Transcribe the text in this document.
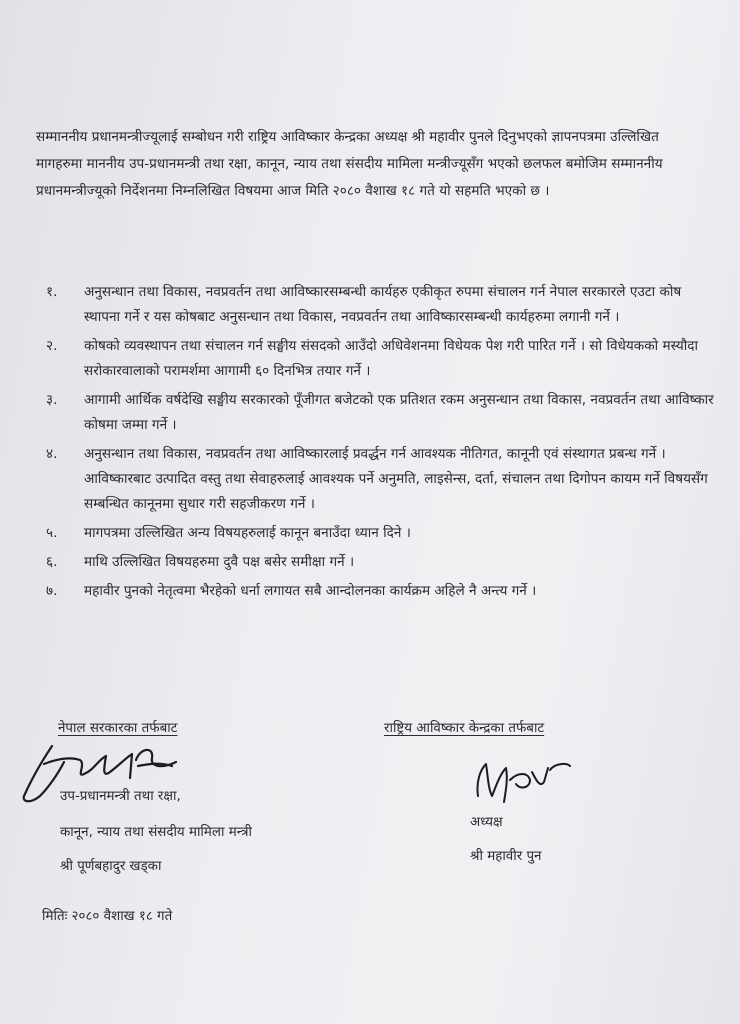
सम्माननीय प्रधानमन्त्रीज्यूलाई सम्बोधन गरी राष्ट्रिय आविष्कार केन्द्रका अध्यक्ष श्री महावीर पुनले दिनुभएको ज्ञापनपत्रमा उल्लिखित मागहरुमा माननीय उप-प्रधानमन्त्री तथा रक्षा, कानून, न्याय तथा संसदीय मामिला मन्त्रीज्यूसँग भएको छलफल बमोजिम सम्माननीय प्रधानमन्त्रीज्यूको निर्देशनमा निम्नलिखित विषयमा आज मिति २०८० वैशाख १८ गते यो सहमति भएको छ ।

१.	अनुसन्धान तथा विकास, नवप्रवर्तन तथा आविष्कारसम्बन्धी कार्यहरु एकीकृत रुपमा संचालन गर्न नेपाल सरकारले एउटा कोष स्थापना गर्ने र यस कोषबाट अनुसन्धान तथा विकास, नवप्रवर्तन तथा आविष्कारसम्बन्धी कार्यहरुमा लगानी गर्ने ।
२.	कोषको व्यवस्थापन तथा संचालन गर्न सङ्घीय संसदको आउँदो अधिवेशनमा विधेयक पेश गरी पारित गर्ने । सो विधेयकको मस्यौदा सरोकारवालाको परामर्शमा आगामी ६० दिनभित्र तयार गर्ने ।
३.	आगामी आर्थिक वर्षदेखि सङ्घीय सरकारको पूँजीगत बजेटको एक प्रतिशत रकम अनुसन्धान तथा विकास, नवप्रवर्तन तथा आविष्कार कोषमा जम्मा गर्ने ।
४.	अनुसन्धान तथा विकास, नवप्रवर्तन तथा आविष्कारलाई प्रवर्द्धन गर्न आवश्यक नीतिगत, कानूनी एवं संस्थागत प्रबन्ध गर्ने । आविष्कारबाट उत्पादित वस्तु तथा सेवाहरुलाई आवश्यक पर्ने अनुमति, लाइसेन्स, दर्ता, संचालन तथा दिगोपन कायम गर्ने विषयसँग सम्बन्धित कानूनमा सुधार गरी सहजीकरण गर्ने ।
५.	मागपत्रमा उल्लिखित अन्य विषयहरुलाई कानून बनाउँदा ध्यान दिने ।
६.	माथि उल्लिखित विषयहरुमा दुवै पक्ष बसेर समीक्षा गर्ने ।
७.	महावीर पुनको नेतृत्वमा भैरहेको धर्ना लगायत सबै आन्दोलनका कार्यक्रम अहिले नै अन्त्य गर्ने ।

नेपाल सरकारका तर्फबाट

उप-प्रधानमन्त्री तथा रक्षा,

कानून, न्याय तथा संसदीय मामिला मन्त्री

श्री पूर्णबहादुर खड्का

मितिः २०८० वैशाख १८ गते

राष्ट्रिय आविष्कार केन्द्रका तर्फबाट

अध्यक्ष

श्री महावीर पुन
